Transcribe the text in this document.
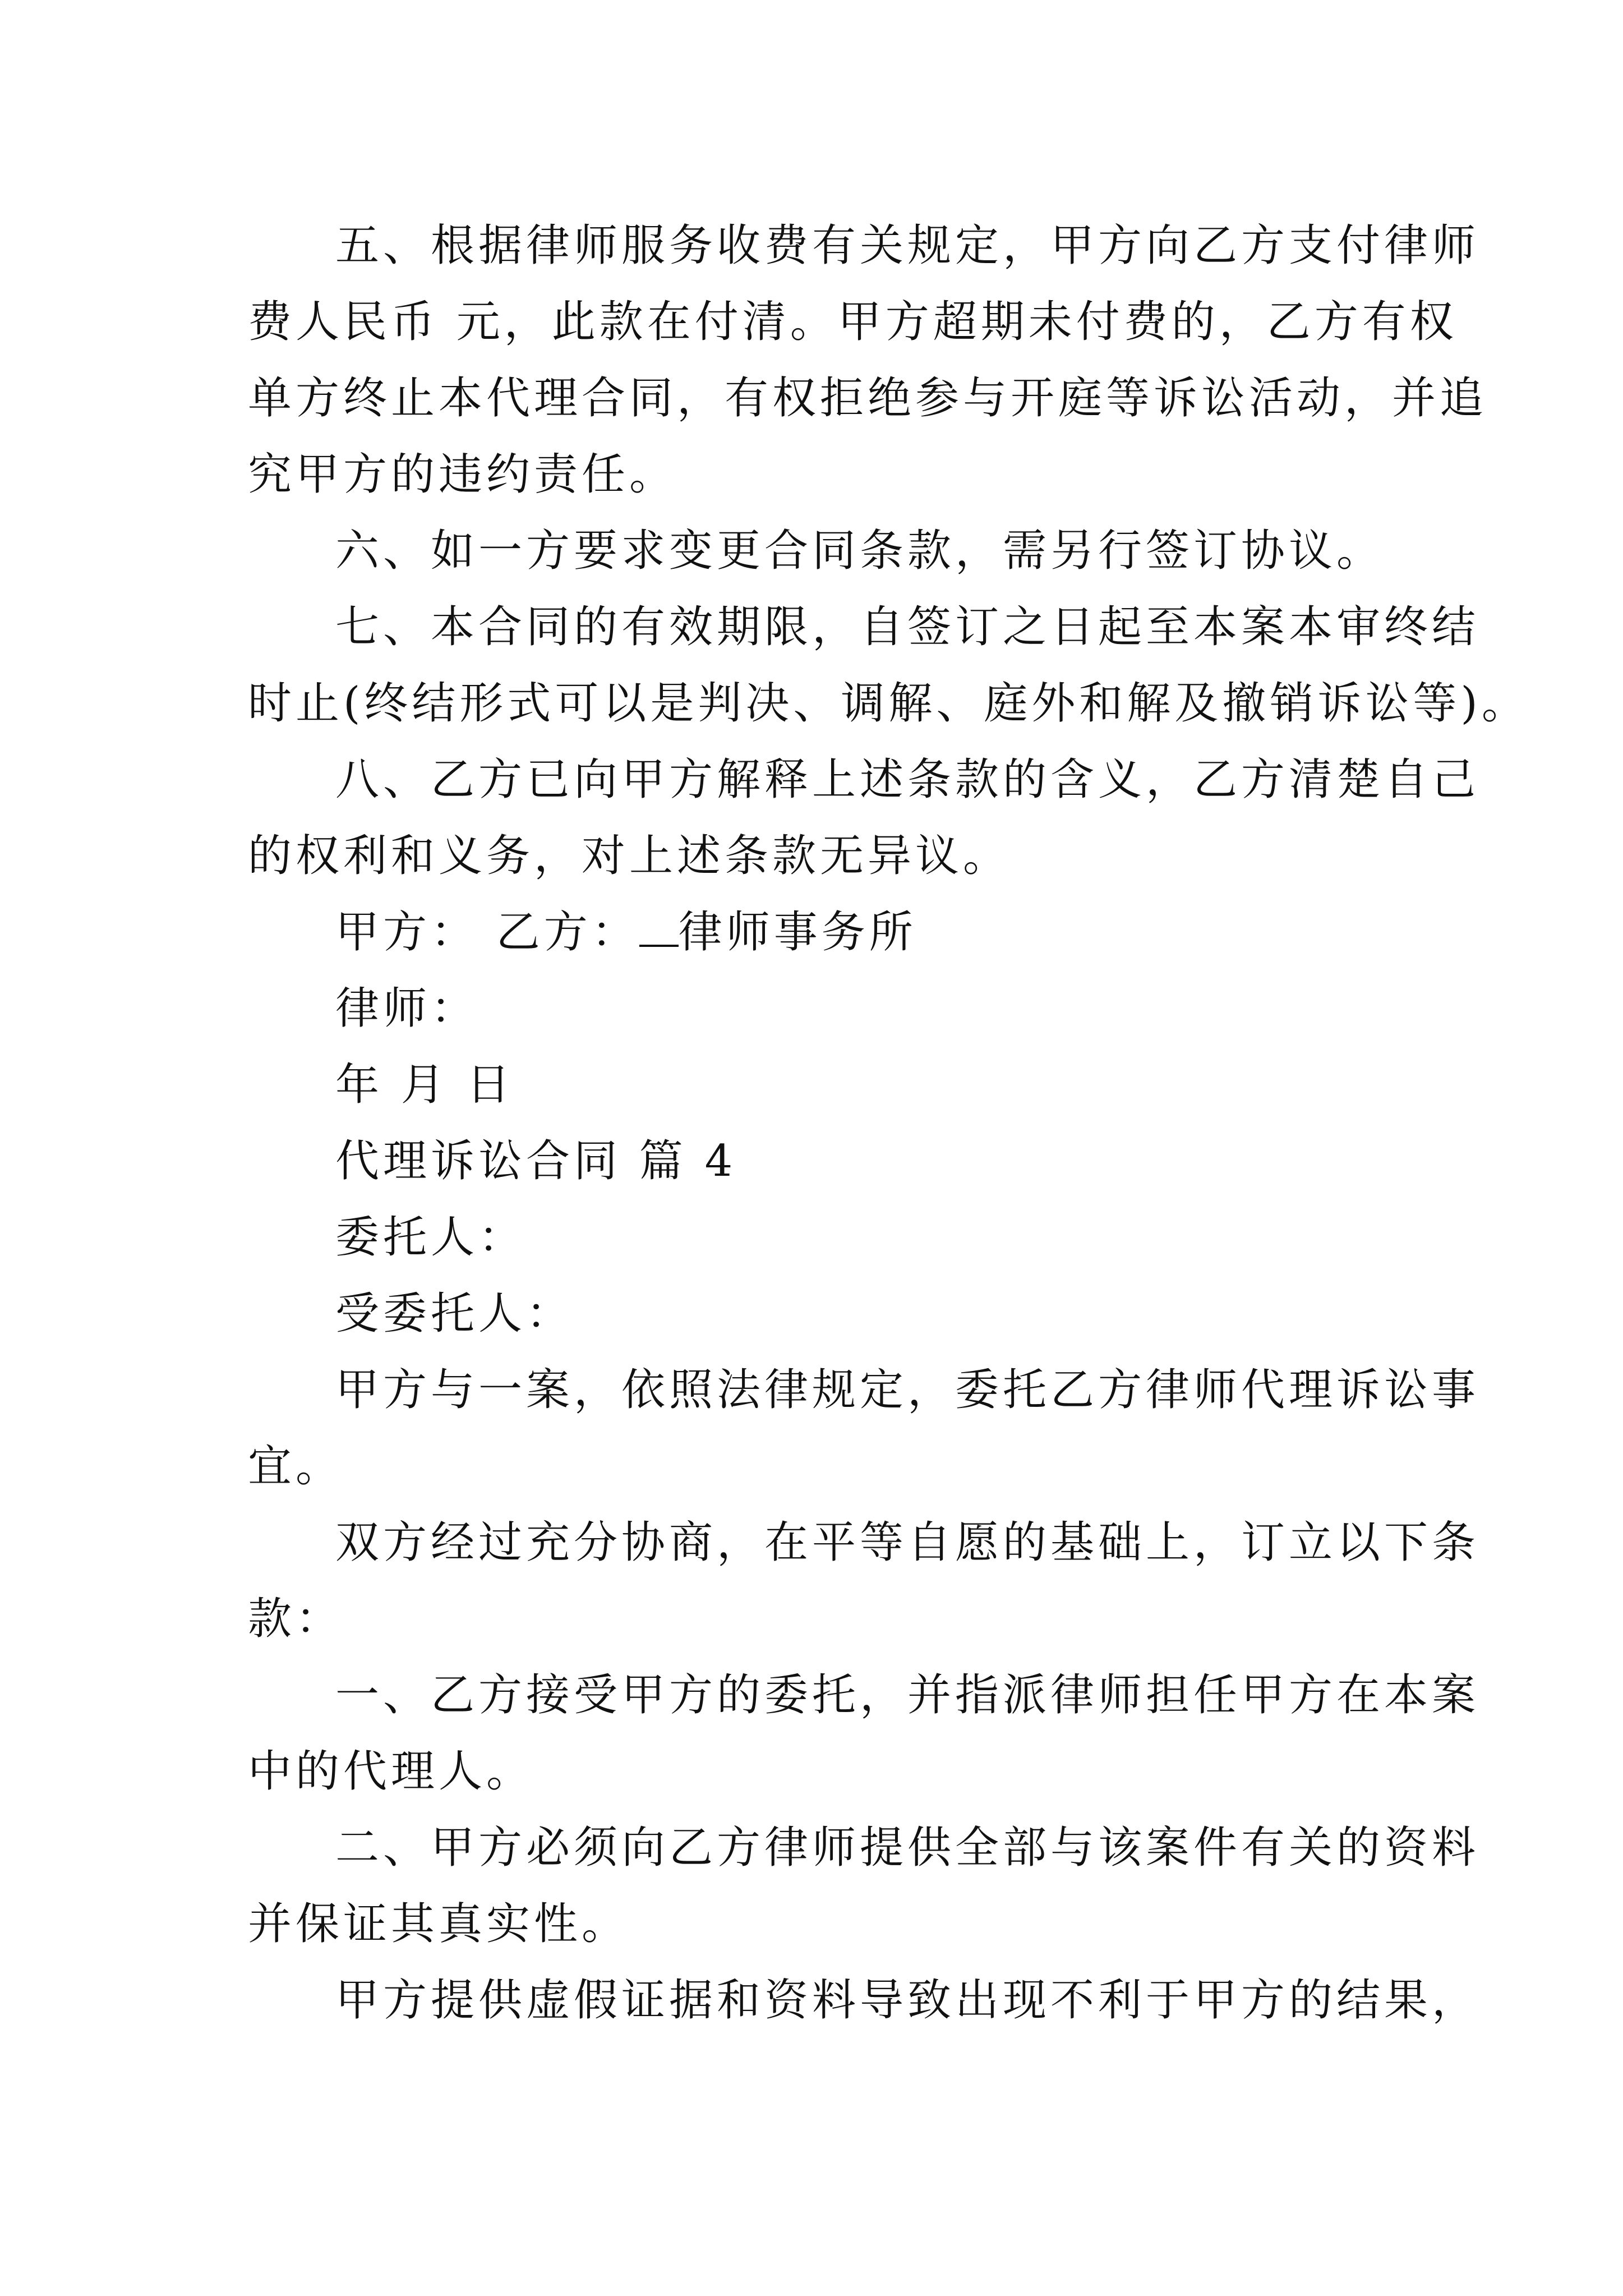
五、根据律师服务收费有关规定，甲方向乙方支付律师

费人民币 元，此款在付清。甲方超期未付费的，乙方有权

单方终止本代理合同，有权拒绝参与开庭等诉讼活动，并追

究甲方的违约责任。

六、如一方要求变更合同条款，需另行签订协议。

七、本合同的有效期限，自签订之日起至本案本审终结

时止(终结形式可以是判决、调解、庭外和解及撤销诉讼等)。

八、乙方已向甲方解释上述条款的含义，乙方清楚自己

的权利和义务，对上述条款无异议。

甲方： 乙方： 律师事务所

律师：

年 月 日

代理诉讼合同 篇 4

委托人：

受委托人：

甲方与一案，依照法律规定，委托乙方律师代理诉讼事

宜。

双方经过充分协商，在平等自愿的基础上，订立以下条

款：

一、乙方接受甲方的委托，并指派律师担任甲方在本案

中的代理人。

二、甲方必须向乙方律师提供全部与该案件有关的资料

并保证其真实性。

甲方提供虚假证据和资料导致出现不利于甲方的结果，
